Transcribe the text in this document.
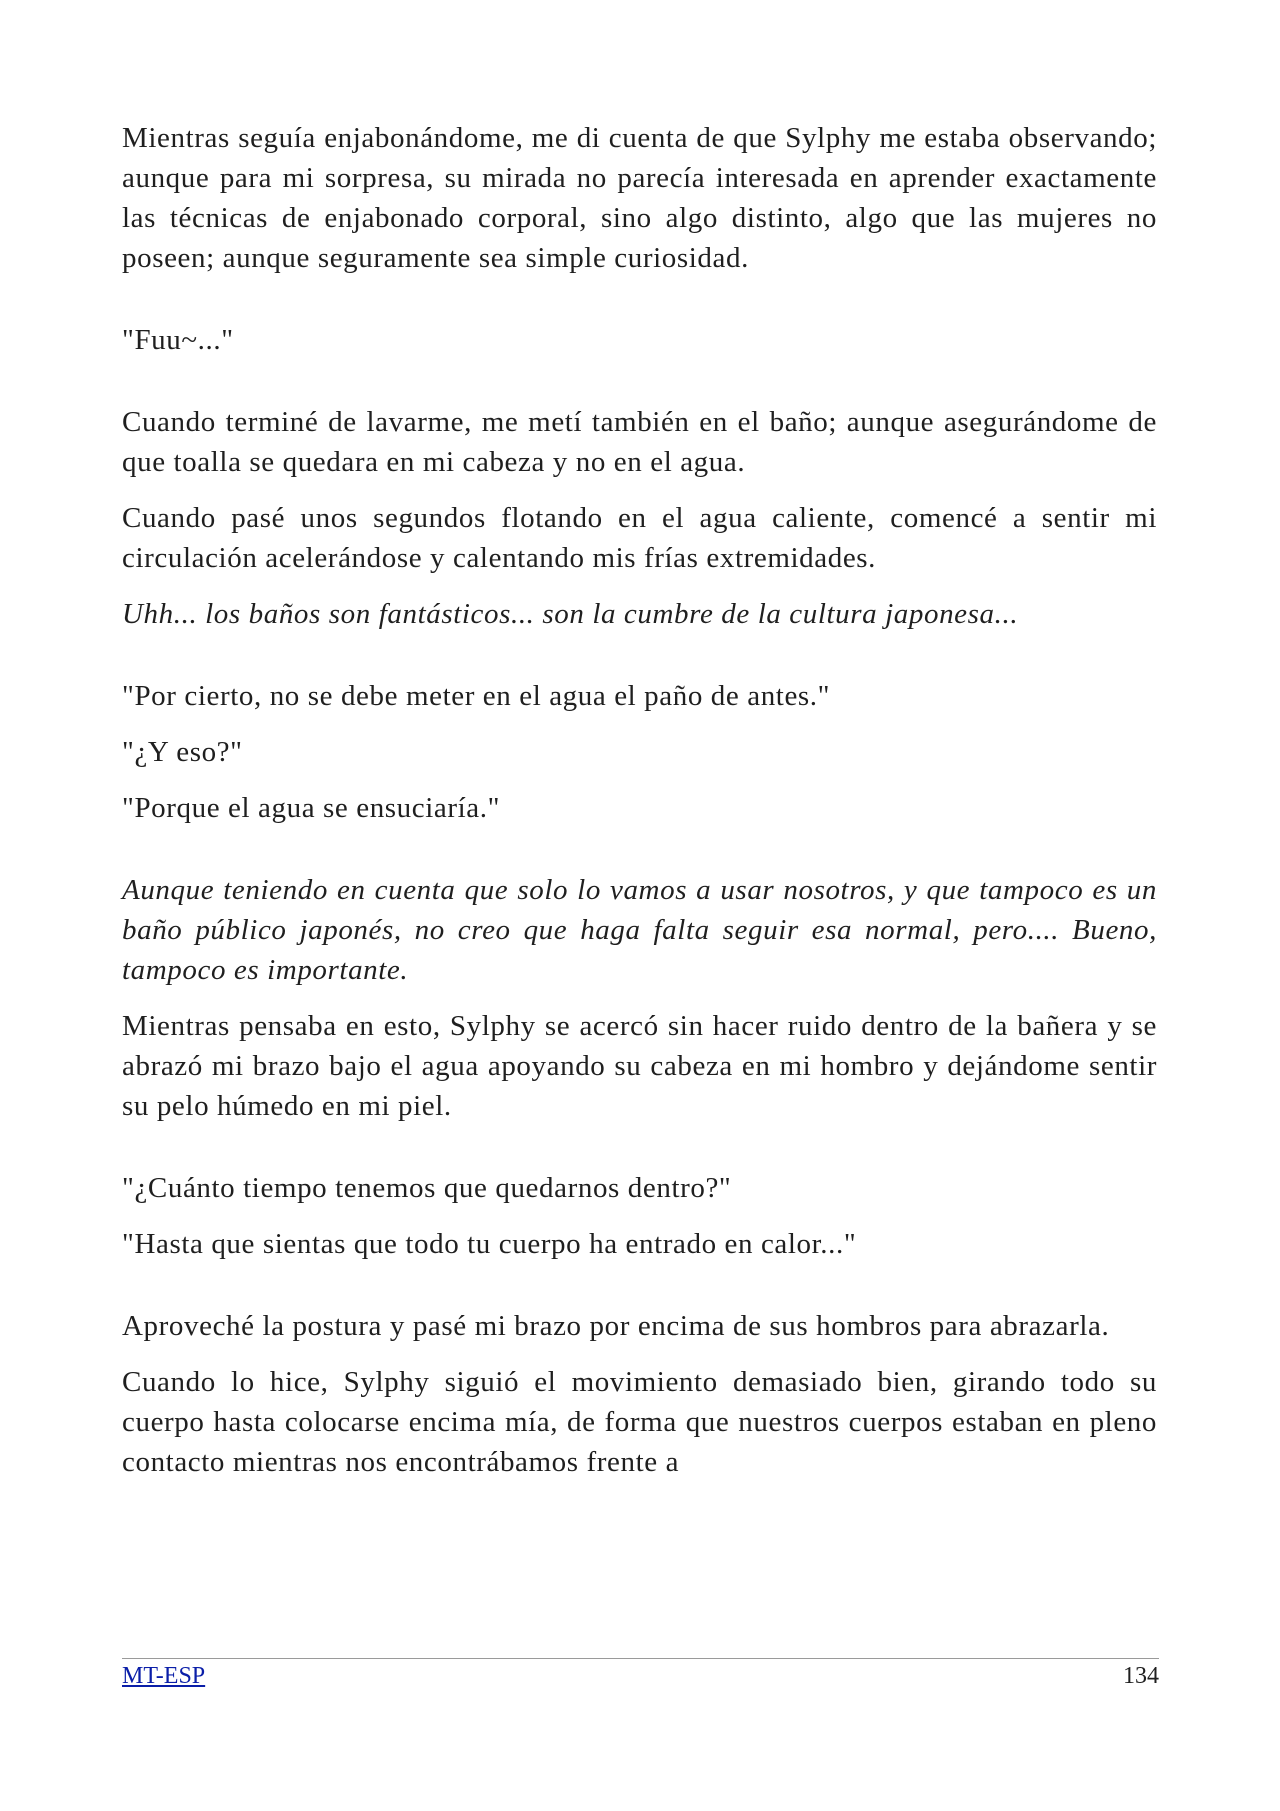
Mientras seguía enjabonándome, me di cuenta de que Sylphy me estaba observando; aunque para mi sorpresa, su mirada no parecía interesada en aprender exactamente las técnicas de enjabonado corporal, sino algo distinto, algo que las mujeres no poseen; aunque seguramente sea simple curiosidad.

"Fuu~..."

Cuando terminé de lavarme, me metí también en el baño; aunque asegurándome de que toalla se quedara en mi cabeza y no en el agua.

Cuando pasé unos segundos flotando en el agua caliente, comencé a sentir mi circulación acelerándose y calentando mis frías extremidades.

Uhh... los baños son fantásticos... son la cumbre de la cultura japonesa...

"Por cierto, no se debe meter en el agua el paño de antes."

"¿Y eso?"

"Porque el agua se ensuciaría."

Aunque teniendo en cuenta que solo lo vamos a usar nosotros, y que tampoco es un baño público japonés, no creo que haga falta seguir esa normal, pero.... Bueno, tampoco es importante.

Mientras pensaba en esto, Sylphy se acercó sin hacer ruido dentro de la bañera y se abrazó mi brazo bajo el agua apoyando su cabeza en mi hombro y dejándome sentir su pelo húmedo en mi piel.

"¿Cuánto tiempo tenemos que quedarnos dentro?"

"Hasta que sientas que todo tu cuerpo ha entrado en calor..."

Aproveché la postura y pasé mi brazo por encima de sus hombros para abrazarla.

Cuando lo hice, Sylphy siguió el movimiento demasiado bien, girando todo su cuerpo hasta colocarse encima mía, de forma que nuestros cuerpos estaban en pleno contacto mientras nos encontrábamos frente a

MT-ESP	134
